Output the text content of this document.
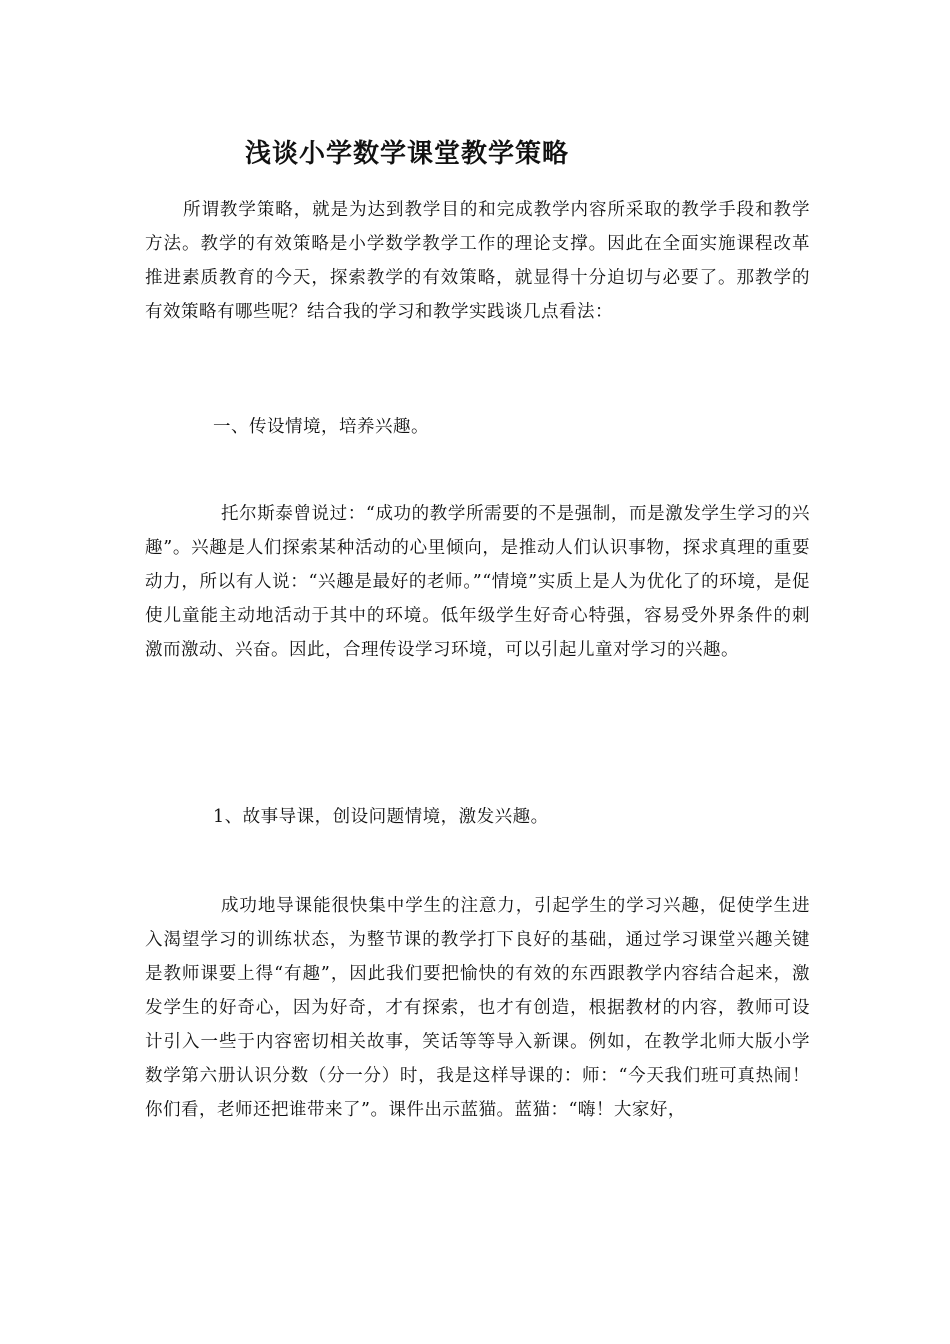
浅谈小学数学课堂教学策略

所谓教学策略，就是为达到教学目的和完成教学内容所采取的教学手段和教学方法。教学的有效策略是小学数学教学工作的理论支撑。因此在全面实施课程改革推进素质教育的今天，探索教学的有效策略，就显得十分迫切与必要了。那教学的有效策略有哪些呢？结合我的学习和教学实践谈几点看法：

一、传设情境，培养兴趣。

托尔斯泰曾说过：“成功的教学所需要的不是强制，而是激发学生学习的兴趣”。兴趣是人们探索某种活动的心里倾向，是推动人们认识事物，探求真理的重要动力，所以有人说：“兴趣是最好的老师。”“情境”实质上是人为优化了的环境，是促使儿童能主动地活动于其中的环境。低年级学生好奇心特强，容易受外界条件的刺激而激动、兴奋。因此，合理传设学习环境，可以引起儿童对学习的兴趣。

1、故事导课，创设问题情境，激发兴趣。

成功地导课能很快集中学生的注意力，引起学生的学习兴趣，促使学生进入渴望学习的训练状态，为整节课的教学打下良好的基础，通过学习课堂兴趣关键是教师课要上得“有趣”，因此我们要把愉快的有效的东西跟教学内容结合起来，激发学生的好奇心，因为好奇，才有探索，也才有创造，根据教材的内容，教师可设计引入一些于内容密切相关故事，笑话等等导入新课。例如，在教学北师大版小学数学第六册认识分数（分一分）时，我是这样导课的：师：“今天我们班可真热闹！你们看，老师还把谁带来了”。课件出示蓝猫。蓝猫：“嗨！大家好，
